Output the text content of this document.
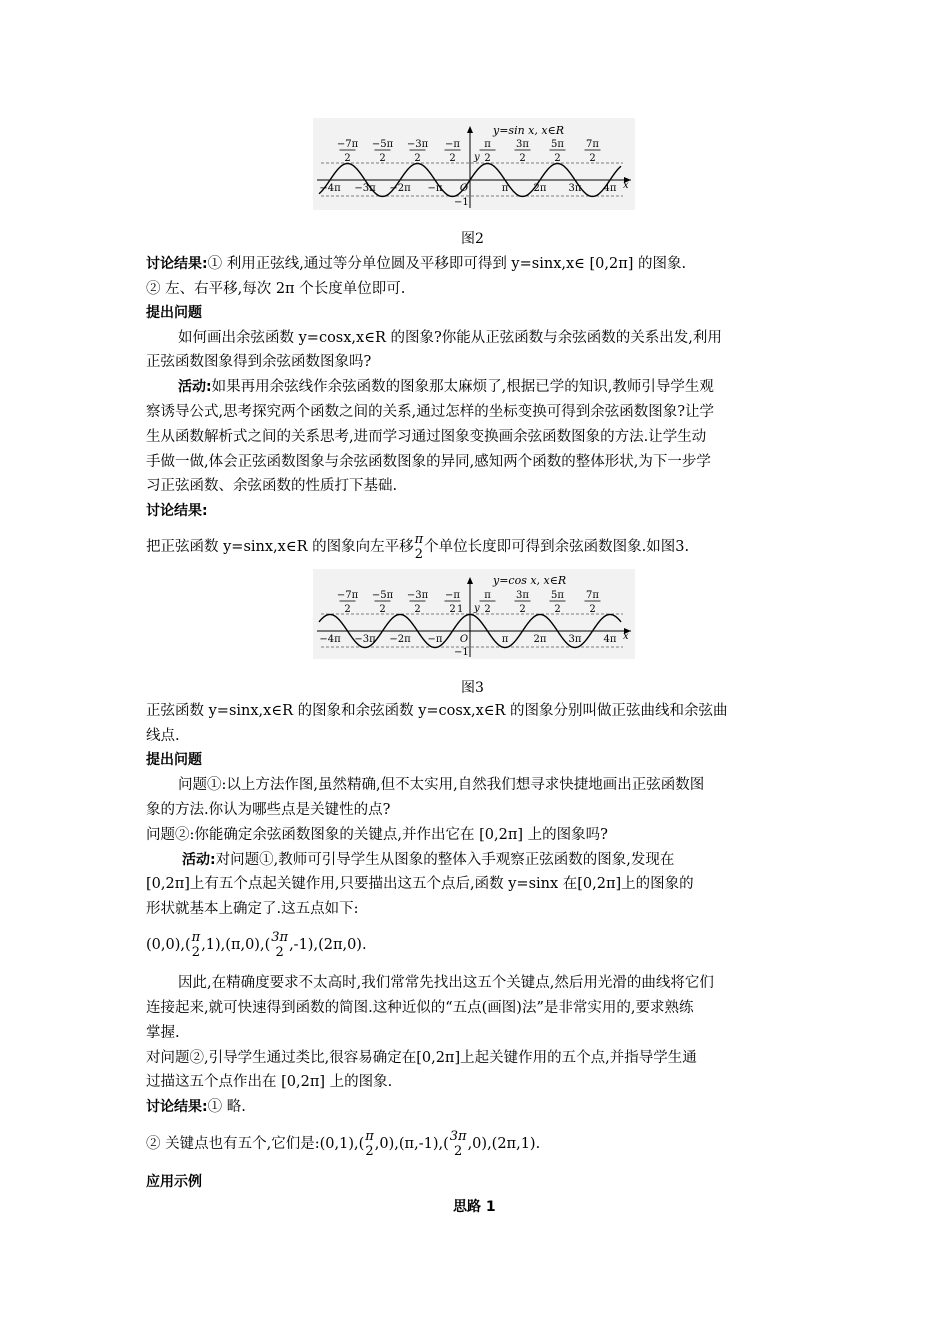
y=sin x, x∈R
−7π
2
−5π
2
−3π
2
−π
2
π
2
3π
2
5π
2
7π
2
−4π −3π −2π −π O	π	2π 3π 4π
y
x
−1
图2
讨论结果:① 利用正弦线,通过等分单位圆及平移即可得到 y=sinx,x∈ [0,2π] 的图象.
② 左、右平移,每次 2π 个长度单位即可.
提出问题
如何画出余弦函数 y=cosx,x∈R 的图象?你能从正弦函数与余弦函数的关系出发,利用
正弦函数图象得到余弦函数图象吗?
活动:如果再用余弦线作余弦函数的图象那太麻烦了,根据已学的知识,教师引导学生观
察诱导公式,思考探究两个函数之间的关系,通过怎样的坐标变换可得到余弦函数图象?让学
生从函数解析式之间的关系思考,进而学习通过图象变换画余弦函数图象的方法.让学生动
手做一做,体会正弦函数图象与余弦函数图象的异同,感知两个函数的整体形状,为下一步学
习正弦函数、余弦函数的性质打下基础.
讨论结果:
把正弦函数 y=sinx,x∈R 的图象向左平移 π
2 个单位长度即可得到余弦函数图象.如图3.
y=cos x, x∈R
−7π
2
−5π
2
−3π
2
−π
2
π
2
3π
2
5π
2
7π
2
−4π −3π −2π −π O	π	2π 3π 4π
y
1
x
−1
图3
正弦函数 y=sinx,x∈R 的图象和余弦函数 y=cosx,x∈R 的图象分别叫做正弦曲线和余弦曲
线点.
提出问题
问题①:以上方法作图,虽然精确,但不太实用,自然我们想寻求快捷地画出正弦函数图
象的方法.你认为哪些点是关键性的点?
问题②:你能确定余弦函数图象的关键点,并作出它在 [0,2π] 上的图象吗?
活动:对问题①,教师可引导学生从图象的整体入手观察正弦函数的图象,发现在
[0,2π]上有五个点起关键作用,只要描出这五个点后,函数 y=sinx 在[0,2π]上的图象的
形状就基本上确定了.这五点如下:
(0,0),( π
2 ,1),(π,0),( 3π
2 ,-1),(2π,0).
因此,在精确度要求不太高时,我们常常先找出这五个关键点,然后用光滑的曲线将它们
连接起来,就可快速得到函数的简图.这种近似的“五点(画图)法”是非常实用的,要求熟练
掌握.
对问题②,引导学生通过类比,很容易确定在[0,2π]上起关键作用的五个点,并指导学生通
过描这五个点作出在 [0,2π] 上的图象.
讨论结果:① 略.
② 关键点也有五个,它们是:(0,1),( π
2 ,0),(π,-1),( 3π
2 ,0),(2π,1).
应用示例
思路 1
